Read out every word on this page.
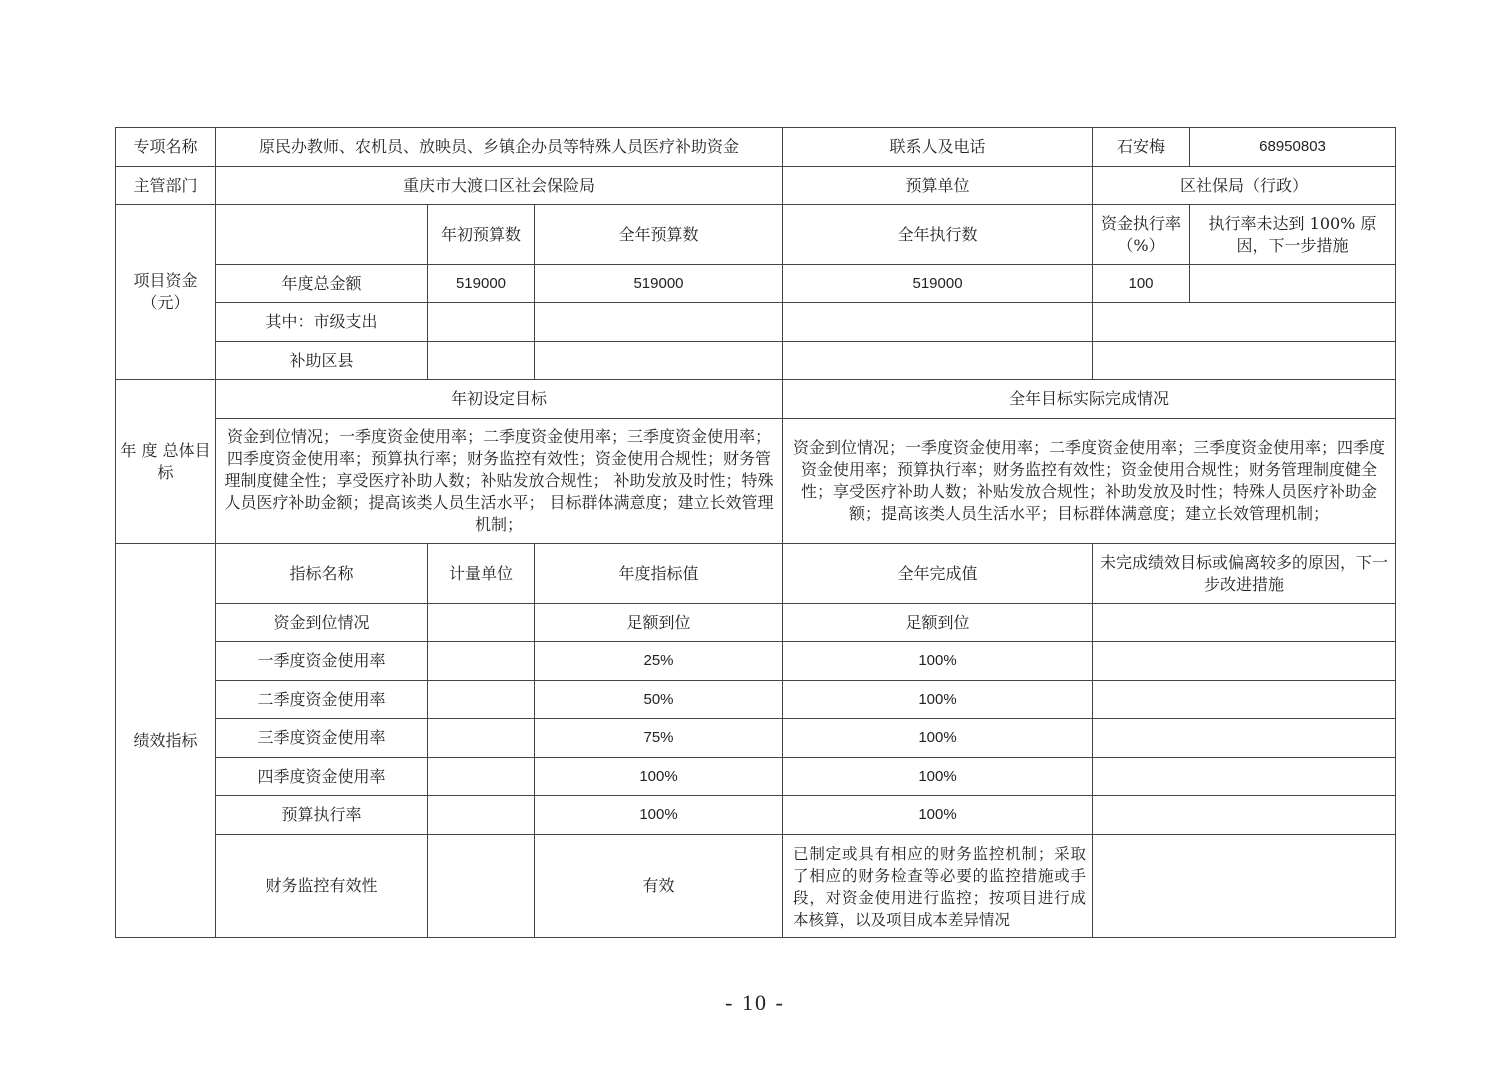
专项名称	原民办教师、农机员、放映员、乡镇企办员等特殊人员医疗补助资金			联系人及电话	石安梅	68950803
主管部门	重庆市大渡口区社会保险局			预算单位	区社保局（行政）	
项目资金（元）		年初预算数	全年预算数	全年执行数	资金执行率（%）	执行率未达到 100% 原因，下一步措施
	年度总金额	519000	519000	519000	100	
	其中：市级支出					
	补助区县					
年 度 总体目标	年初设定目标			全年目标实际完成情况		
	资金到位情况；一季度资金使用率；二季度资金使用率；三季度资金使用率；四季度资金使用率；预算执行率；财务监控有效性；资金使用合规性；财务管理制度健全性；享受医疗补助人数；补贴发放合规性； 补助发放及时性；特殊人员医疗补助金额；提高该类人员生活水平； 目标群体满意度；建立长效管理机制；			资金到位情况；一季度资金使用率；二季度资金使用率；三季度资金使用率；四季度资金使用率；预算执行率；财务监控有效性；资金使用合规性；财务管理制度健全性；享受医疗补助人数；补贴发放合规性；补助发放及时性；特殊人员医疗补助金额；提高该类人员生活水平；目标群体满意度；建立长效管理机制；		
绩效指标	指标名称	计量单位	年度指标值	全年完成值	未完成绩效目标或偏离较多的原因，下一步改进措施	
	资金到位情况		足额到位	足额到位		
	一季度资金使用率		25%	100%		
	二季度资金使用率		50%	100%		
	三季度资金使用率		75%	100%		
	四季度资金使用率		100%	100%		
	预算执行率		100%	100%		
	财务监控有效性		有效	已制定或具有相应的财务监控机制；采取了相应的财务检查等必要的监控措施或手段，对资金使用进行监控；按项目进行成本核算，以及项目成本差异情况		
- 10 -
